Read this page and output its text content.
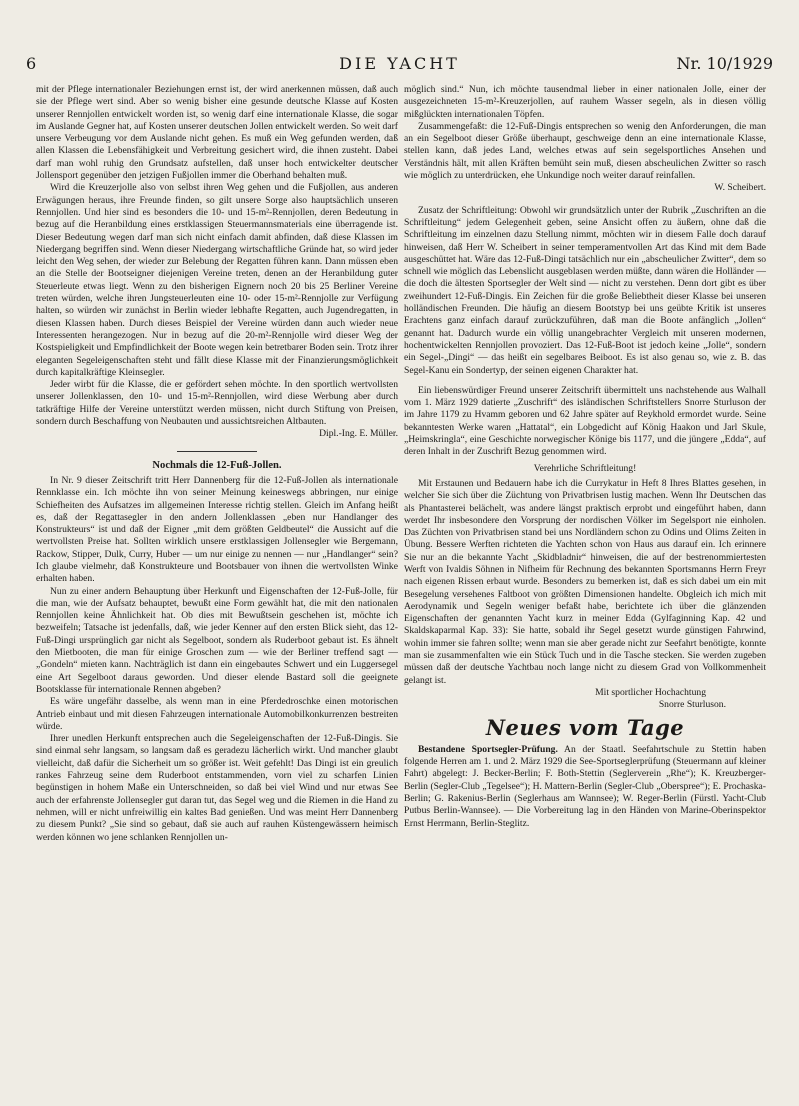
6	DIE YACHT	Nr. 10/1929

mit der Pflege internationaler Beziehungen ernst ist, der wird anerkennen müssen, daß auch sie der Pflege wert sind. Aber so wenig bisher eine gesunde deutsche Klasse auf Kosten unserer Rennjollen entwickelt worden ist, so wenig darf eine internationale Klasse, die sogar im Auslande Gegner hat, auf Kosten unserer deutschen Jollen entwickelt werden. So weit darf unsere Verbeugung vor dem Auslande nicht gehen. Es muß ein Weg gefunden werden, daß allen Klassen die Lebensfähigkeit und Verbreitung gesichert wird, die ihnen zusteht. Dabei darf man wohl ruhig den Grundsatz aufstellen, daß unser hoch entwickelter deutscher Jollensport gegenüber den jetzigen Fußjollen immer die Oberhand behalten muß.

Wird die Kreuzerjolle also von selbst ihren Weg gehen und die Fußjollen, aus anderen Erwägungen heraus, ihre Freunde finden, so gilt unsere Sorge also hauptsächlich unseren Rennjollen. Und hier sind es besonders die 10- und 15-m²-Rennjollen, deren Bedeutung in bezug auf die Heranbildung eines erstklassigen Steuermannsmaterials eine überragende ist. Dieser Bedeutung wegen darf man sich nicht einfach damit abfinden, daß diese Klassen im Niedergang begriffen sind. Wenn dieser Niedergang wirtschaftliche Gründe hat, so wird jeder leicht den Weg sehen, der wieder zur Belebung der Regatten führen kann. Dann müssen eben an die Stelle der Bootseigner diejenigen Vereine treten, denen an der Heranbildung guter Steuerleute etwas liegt. Wenn zu den bisherigen Eignern noch 20 bis 25 Berliner Vereine treten würden, welche ihren Jungsteuerleuten eine 10- oder 15-m²-Rennjolle zur Verfügung halten, so würden wir zunächst in Berlin wieder lebhafte Regatten, auch Jugendregatten, in diesen Klassen haben. Durch dieses Beispiel der Vereine würden dann auch wieder neue Interessenten herangezogen. Nur in bezug auf die 20-m²-Rennjolle wird dieser Weg der Kostspieligkeit und Empfindlichkeit der Boote wegen kein betretbarer Boden sein. Trotz ihrer eleganten Segeleigenschaften steht und fällt diese Klasse mit der Finanzierungsmöglichkeit durch kapitalkräftige Kleinsegler.

Jeder wirbt für die Klasse, die er gefördert sehen möchte. In den sportlich wertvollsten unserer Jollenklassen, den 10- und 15-m²-Rennjollen, wird diese Werbung aber durch tatkräftige Hilfe der Vereine unterstützt werden müssen, nicht durch Stiftung von Preisen, sondern durch Beschaffung von Neubauten und aussichtsreichen Altbauten.

Dipl.-Ing. E. Müller.
Nochmals die 12-Fuß-Jollen.

In Nr. 9 dieser Zeitschrift tritt Herr Dannenberg für die 12-Fuß-Jollen als internationale Rennklasse ein. Ich möchte ihn von seiner Meinung keineswegs abbringen, nur einige Schiefheiten des Aufsatzes im allgemeinen Interesse richtig stellen. Gleich im Anfang heißt es, daß der Regattasegler in den andern Jollenklassen „eben nur Handlanger des Konstrukteurs“ ist und daß der Eigner „mit dem größten Geldbeutel“ die Aussicht auf die wertvollsten Preise hat. Sollten wirklich unsere erstklassigen Jollensegler wie Bergemann, Rackow, Stipper, Dulk, Curry, Huber — um nur einige zu nennen — nur „Handlanger“ sein? Ich glaube vielmehr, daß Konstrukteure und Bootsbauer von ihnen die wertvollsten Winke erhalten haben.

Nun zu einer andern Behauptung über Herkunft und Eigenschaften der 12-Fuß-Jolle, für die man, wie der Aufsatz behauptet, bewußt eine Form gewählt hat, die mit den nationalen Rennjollen keine Ähnlichkeit hat. Ob dies mit Bewußtsein geschehen ist, möchte ich bezweifeln; Tatsache ist jedenfalls, daß, wie jeder Kenner auf den ersten Blick sieht, das 12-Fuß-Dingi ursprünglich gar nicht als Segelboot, sondern als Ruderboot gebaut ist. Es ähnelt den Mietbooten, die man für einige Groschen zum — wie der Berliner treffend sagt — „Gondeln“ mieten kann. Nachträglich ist dann ein eingebautes Schwert und ein Luggersegel eine Art Segelboot daraus geworden. Und dieser elende Bastard soll die geeignete Bootsklasse für internationale Rennen abgeben?

Es wäre ungefähr dasselbe, als wenn man in eine Pferdedroschke einen motorischen Antrieb einbaut und mit diesen Fahrzeugen internationale Automobilkonkurrenzen bestreiten würde.

Ihrer unedlen Herkunft entsprechen auch die Segeleigenschaften der 12-Fuß-Dingis. Sie sind einmal sehr langsam, so langsam daß es geradezu lächerlich wirkt. Und mancher glaubt vielleicht, daß dafür die Sicherheit um so größer ist. Weit gefehlt! Das Dingi ist ein greulich rankes Fahrzeug seine dem Ruderboot entstammenden, vorn viel zu scharfen Linien begünstigen in hohem Maße ein Unterschneiden, so daß bei viel Wind und nur etwas See auch der erfahrenste Jollensegler gut daran tut, das Segel weg und die Riemen in die Hand zu nehmen, will er nicht unfreiwillig ein kaltes Bad genießen. Und was meint Herr Dannenberg zu diesem Punkt? „Sie sind so gebaut, daß sie auch auf rauhen Küstengewässern heimisch werden können wo jene schlanken Rennjollen un-

möglich sind.“ Nun, ich möchte tausendmal lieber in einer nationalen Jolle, einer der ausgezeichneten 15-m²-Kreuzerjollen, auf rauhem Wasser segeln, als in diesen völlig mißglückten internationalen Töpfen.

Zusammengefaßt: die 12-Fuß-Dingis entsprechen so wenig den Anforderungen, die man an ein Segelboot dieser Größe überhaupt, geschweige denn an eine internationale Klasse, stellen kann, daß jedes Land, welches etwas auf sein segelsportliches Ansehen und Verständnis hält, mit allen Kräften bemüht sein muß, diesen abscheulichen Zwitter so rasch wie möglich zu unterdrücken, ehe Unkundige noch weiter darauf reinfallen.

W. Scheibert.

Zusatz der Schriftleitung: Obwohl wir grundsätzlich unter der Rubrik „Zuschriften an die Schriftleitung“ jedem Gelegenheit geben, seine Ansicht offen zu äußern, ohne daß die Schriftleitung im einzelnen dazu Stellung nimmt, möchten wir in diesem Falle doch darauf hinweisen, daß Herr W. Scheibert in seiner temperamentvollen Art das Kind mit dem Bade ausgeschüttet hat. Wäre das 12-Fuß-Dingi tatsächlich nur ein „abscheulicher Zwitter“, dem so schnell wie möglich das Lebenslicht ausgeblasen werden müßte, dann wären die Holländer — die doch die ältesten Sportsegler der Welt sind — nicht zu verstehen. Denn dort gibt es über zweihundert 12-Fuß-Dingis. Ein Zeichen für die große Beliebtheit dieser Klasse bei unseren holländischen Freunden. Die häufig an diesem Bootstyp bei uns geübte Kritik ist unseres Erachtens ganz einfach darauf zurückzuführen, daß man die Boote anfänglich „Jollen“ genannt hat. Dadurch wurde ein völlig unangebrachter Vergleich mit unseren modernen, hochentwickelten Rennjollen provoziert. Das 12-Fuß-Boot ist jedoch keine „Jolle“, sondern ein Segel-„Dingi“ — das heißt ein segelbares Beiboot. Es ist also genau so, wie z. B. das Segel-Kanu ein Sondertyp, der seinen eigenen Charakter hat.

Ein liebenswürdiger Freund unserer Zeitschrift übermittelt uns nachstehende aus Walhall vom 1. März 1929 datierte „Zuschrift“ des isländischen Schriftstellers Snorre Sturluson der im Jahre 1179 zu Hvamm geboren und 62 Jahre später auf Reykhold ermordet wurde. Seine bekanntesten Werke waren „Hattatal“, ein Lobgedicht auf König Haakon und Jarl Skule, „Heimskringla“, eine Geschichte norwegischer Könige bis 1177, und die jüngere „Edda“, auf deren Inhalt in der Zuschrift Bezug genommen wird.

Verehrliche Schriftleitung!

Mit Erstaunen und Bedauern habe ich die Currykatur in Heft 8 Ihres Blattes gesehen, in welcher Sie sich über die Züchtung von Privatbrisen lustig machen. Wenn Ihr Deutschen das als Phantasterei belächelt, was andere längst praktisch erprobt und eingeführt haben, dann werdet Ihr insbesondere den Vorsprung der nordischen Völker im Segelsport nie einholen. Das Züchten von Privatbrisen stand bei uns Nordländern schon zu Odins und Olims Zeiten in Übung. Bessere Werften richteten die Yachten schon von Haus aus darauf ein. Ich erinnere Sie nur an die bekannte Yacht „Skidbladnir“ hinweisen, die auf der bestrenommiertesten Werft von Ivaldis Söhnen in Nifheim für Rechnung des bekannten Sportsmanns Herrn Freyr nach eigenen Rissen erbaut wurde. Besonders zu bemerken ist, daß es sich dabei um ein mit Besegelung versehenes Faltboot von größten Dimensionen handelte. Obgleich ich mich mit Aerodynamik und Segeln weniger befaßt habe, berichtete ich über die glänzenden Eigenschaften der genannten Yacht kurz in meiner Edda (Gylfaginning Kap. 42 und Skaldskaparmal Kap. 33): Sie hatte, sobald ihr Segel gesetzt wurde günstigen Fahrwind, wohin immer sie fahren sollte; wenn man sie aber gerade nicht zur Seefahrt benötigte, konnte man sie zusammenfalten wie ein Stück Tuch und in die Tasche stecken. Sie werden zugeben müssen daß der deutsche Yachtbau noch lange nicht zu diesem Grad von Vollkommenheit gelangt ist.

Mit sportlicher Hochachtung
Snorre Sturluson.
Neues vom Tage

Bestandene Sportsegler-Prüfung. An der Staatl. Seefahrtschule zu Stettin haben folgende Herren am 1. und 2. März 1929 die See-Sportseglerprüfung (Steuermann auf kleiner Fahrt) abgelegt: J. Becker-Berlin; F. Both-Stettin (Seglerverein „Rhe“); K. Kreuzberger-Berlin (Segler-Club „Tegelsee“); H. Mattern-Berlin (Segler-Club „Oberspree“); E. Prochaska-Berlin; G. Rakenius-Berlin (Seglerhaus am Wannsee); W. Reger-Berlin (Fürstl. Yacht-Club Putbus Berlin-Wannsee). — Die Vorbereitung lag in den Händen von Marine-Oberinspektor Ernst Herrmann, Berlin-Steglitz.
